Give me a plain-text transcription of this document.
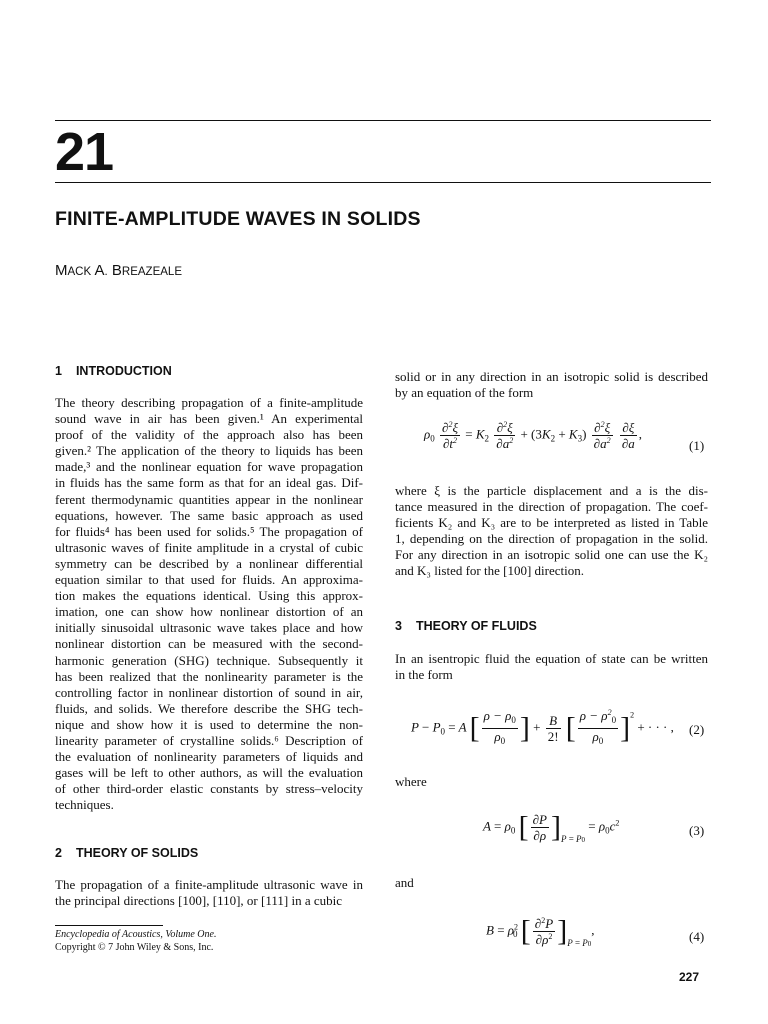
21
FINITE-AMPLITUDE WAVES IN SOLIDS
MACK A. BREAZEALE
1 INTRODUCTION
The theory describing propagation of a finite-amplitude
sound wave in air has been given.¹ An experimental
proof of the validity of the approach also has been
given.² The application of the theory to liquids has been
made,³ and the nonlinear equation for wave propagation
in fluids has the same form as that for an ideal gas. Dif-
ferent thermodynamic quantities appear in the nonlinear
equations, however. The same basic approach as used
for fluids⁴ has been used for solids.⁵ The propagation of
ultrasonic waves of finite amplitude in a crystal of cubic
symmetry can be described by a nonlinear differential
equation similar to that used for fluids. An approxima-
tion makes the equations identical. Using this approx-
imation, one can show how nonlinear distortion of an
initially sinusoidal ultrasonic wave takes place and how
nonlinear distortion can be measured with the second-
harmonic generation (SHG) technique. Subsequently it
has been realized that the nonlinearity parameter is the
controlling factor in nonlinear distortion of sound in air,
fluids, and solids. We therefore describe the SHG tech-
nique and show how it is used to determine the non-
linearity parameter of crystalline solids.⁶ Description of
the evaluation of nonlinearity parameters of liquids and
gases will be left to other authors, as will the evaluation
of other third-order elastic constants by stress–velocity
techniques.
2 THEORY OF SOLIDS
The propagation of a finite-amplitude ultrasonic wave in
the principal directions [100], [110], or [111] in a cubic
solid or in any direction in an isotropic solid is described
by an equation of the form
$\rho_0 \frac{\partial^2\xi}{\partial t^2} = K_2 \frac{\partial^2\xi}{\partial a^2} + (3K_2 + K_3) \frac{\partial^2\xi}{\partial a^2}$
$\frac{\partial\xi}{\partial a}$ ,
(1)
where ξ is the particle displacement and a is the dis-
tance measured in the direction of propagation. The coef-
ficients K₂ and K₃ are to be interpreted as listed in Table
1, depending on the direction of propagation in the solid.
For any direction in an isotropic solid one can use the K₂
and K₃ listed for the [100] direction.
3 THEORY OF FLUIDS
In an isentropic fluid the equation of state can be written
in the form
$P - P_0 = A$ [ $\frac{\rho - \rho_0}{\rho_0}$ ] + $\frac{B}{2!}$ [ $\frac{\rho - \rho^2_0}{\rho_0} ]^2$ + · · · , (2)
where
$A = \rho_0$ [ $\frac{\partial P}{\partial\rho} ]_{P = P0} = \rho_0c^2$
(3)
and
$B = \rho^2_0$ [ $\frac{\partial^2P}{\partial\rho^2} ]_{P = P0}$,	(4)
Encyclopedia of Acoustics, Volume One.
Copyright © 7 John Wiley & Sons, Inc.
227
